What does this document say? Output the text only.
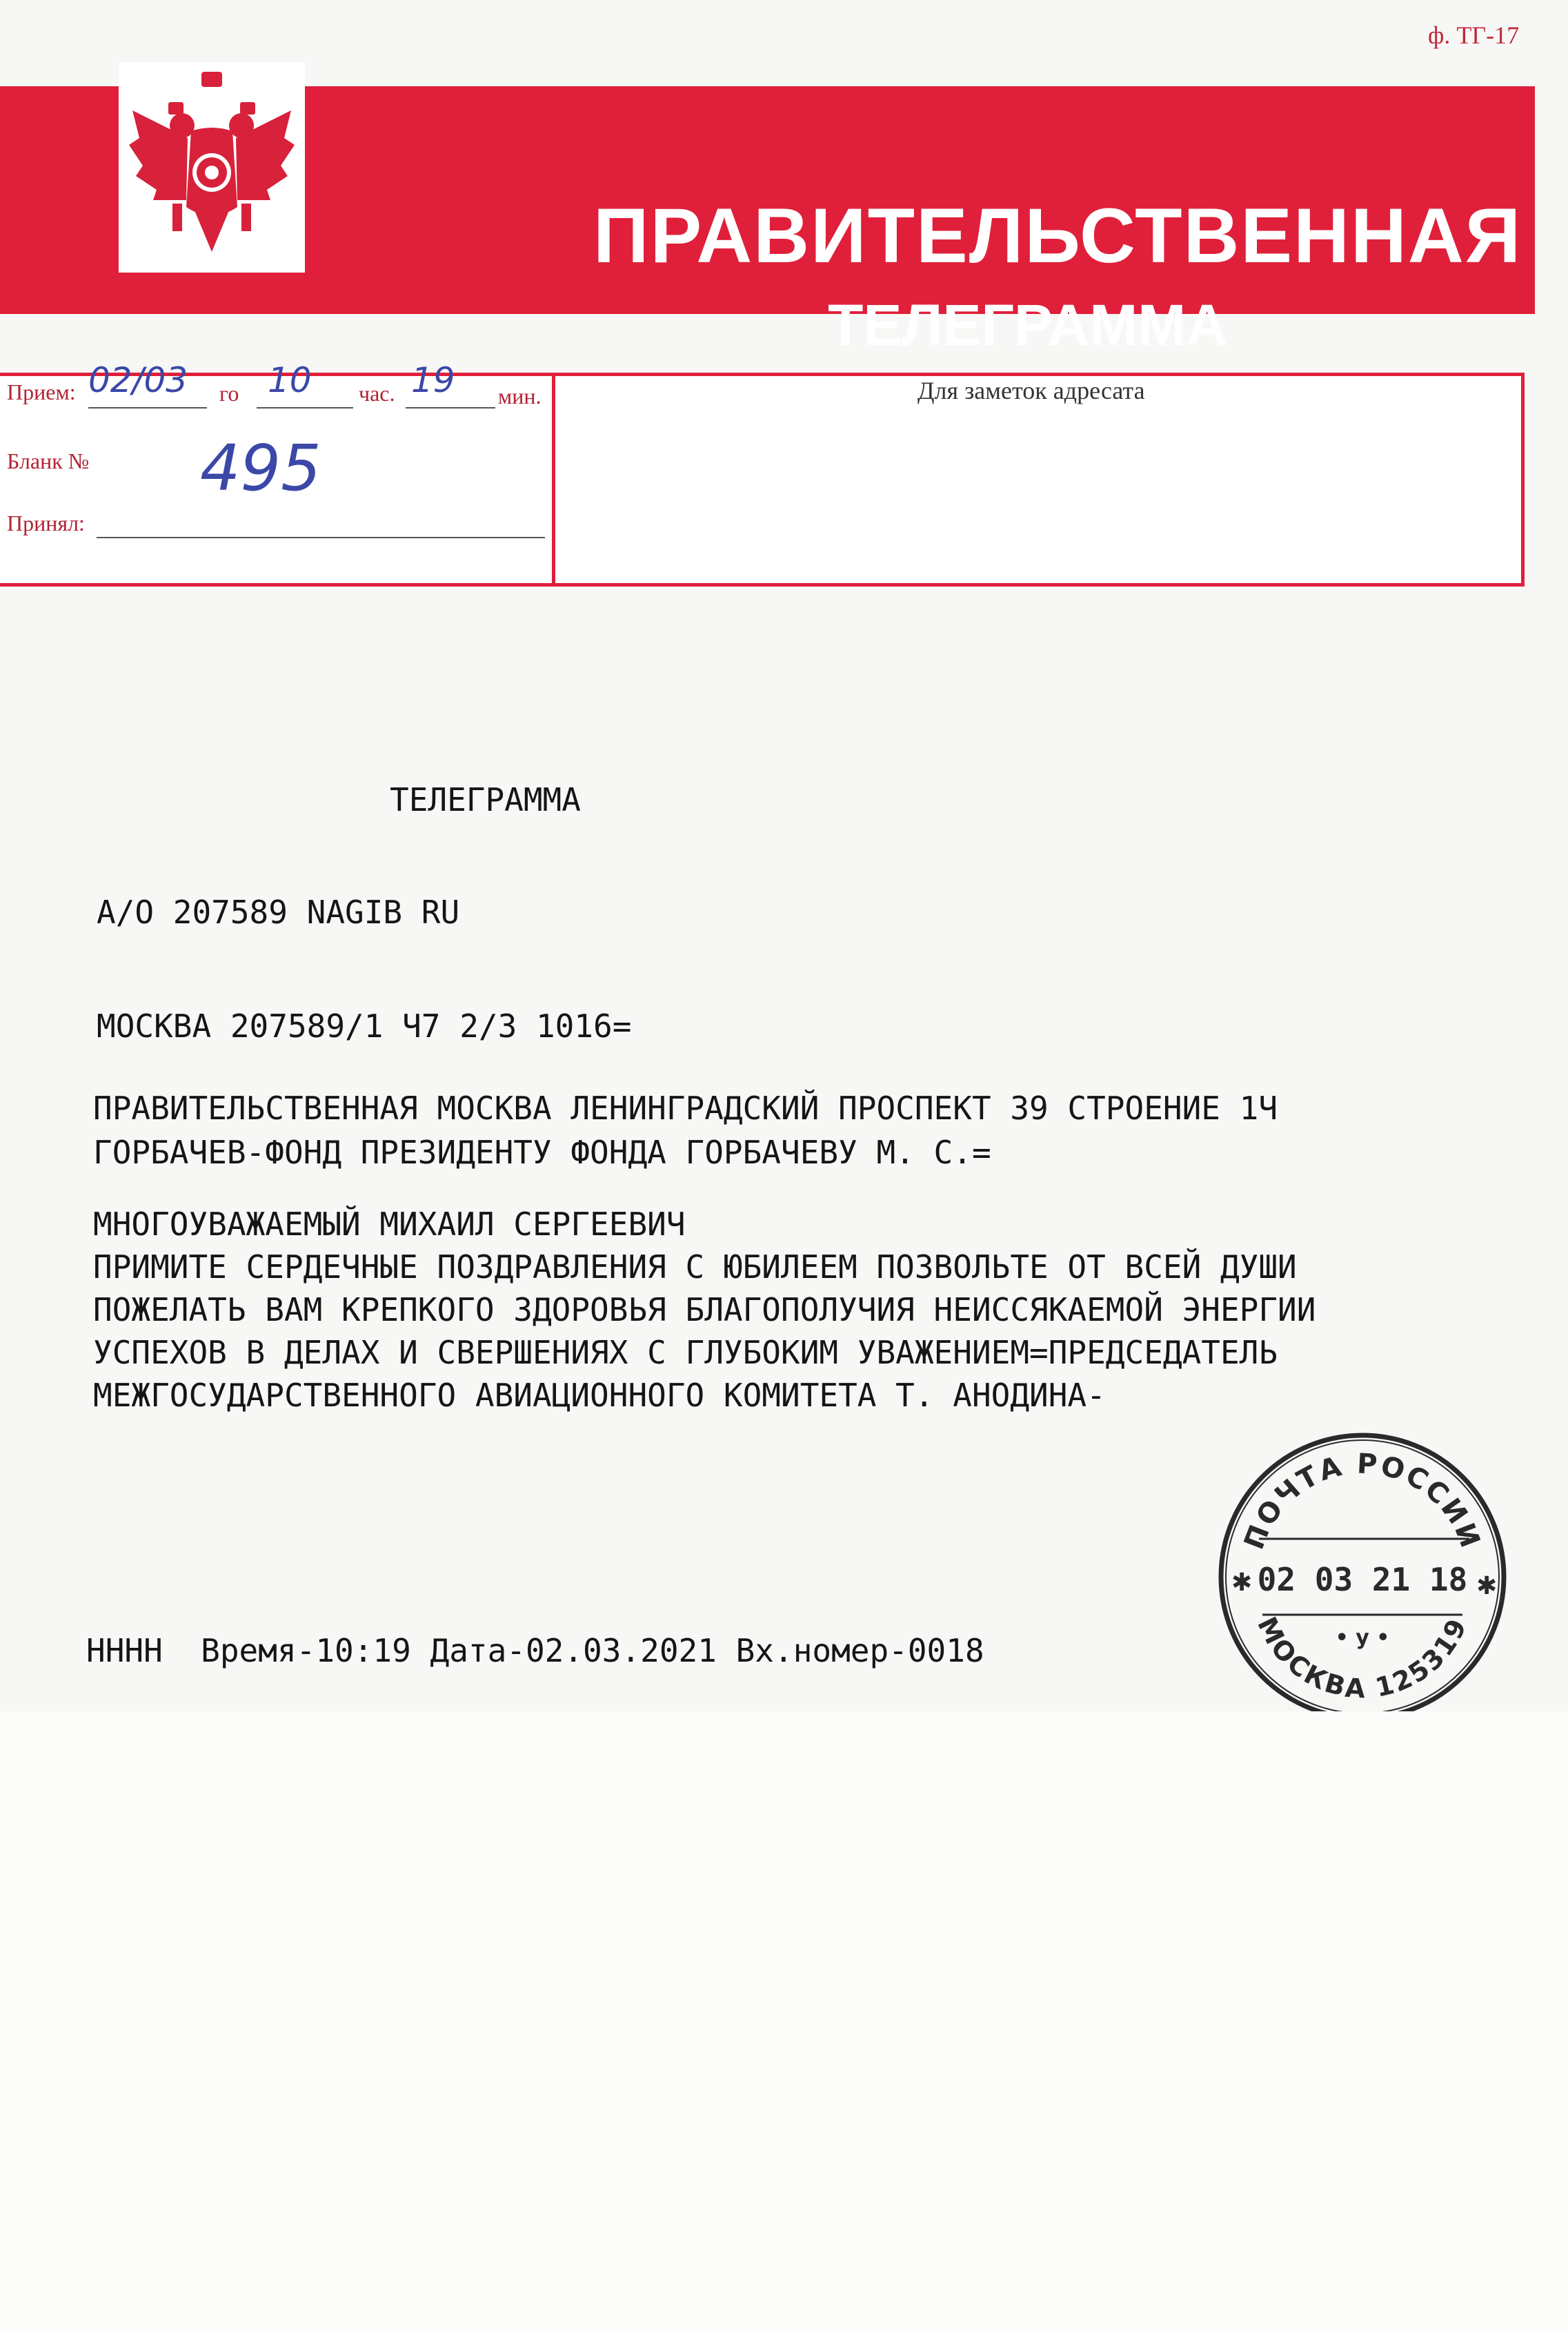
ф. ТГ-17
ПРАВИТЕЛЬСТВЕННАЯ
ТЕЛЕГРАММА
Прием: 02/03 го 10 час. 19 мин.
Бланк № 495
Принял:
Для заметок адресата
ТЕЛЕГРАММА
А/О 207589 NAGIB RU
МОСКВА 207589/1 Ч7 2/3 1016=
ПРАВИТЕЛЬСТВЕННАЯ МОСКВА ЛЕНИНГРАДСКИЙ ПРОСПЕКТ 39 СТРОЕНИЕ 1Ч
ГОРБАЧЕВ-ФОНД ПРЕЗИДЕНТУ ФОНДА ГОРБАЧЕВУ М. С.=
МНОГОУВАЖАЕМЫЙ МИХАИЛ СЕРГЕЕВИЧ
ПРИМИТЕ СЕРДЕЧНЫЕ ПОЗДРАВЛЕНИЯ С ЮБИЛЕЕМ ПОЗВОЛЬТЕ ОТ ВСЕЙ ДУШИ
ПОЖЕЛАТЬ ВАМ КРЕПКОГО ЗДОРОВЬЯ БЛАГОПОЛУЧИЯ НЕИССЯКАЕМОЙ ЭНЕРГИИ
УСПЕХОВ В ДЕЛАХ И СВЕРШЕНИЯХ С ГЛУБОКИМ УВАЖЕНИЕМ=ПРЕДСЕДАТЕЛЬ
МЕЖГОСУДАРСТВЕННОГО АВИАЦИОННОГО КОМИТЕТА Т. АНОДИНА-
НННН  Время-10:19 Дата-02.03.2021 Вх.номер-0018
ПОЧТА РОССИИ
02 03 21 18
✱	✱
• у •
МОСКВА 125319
